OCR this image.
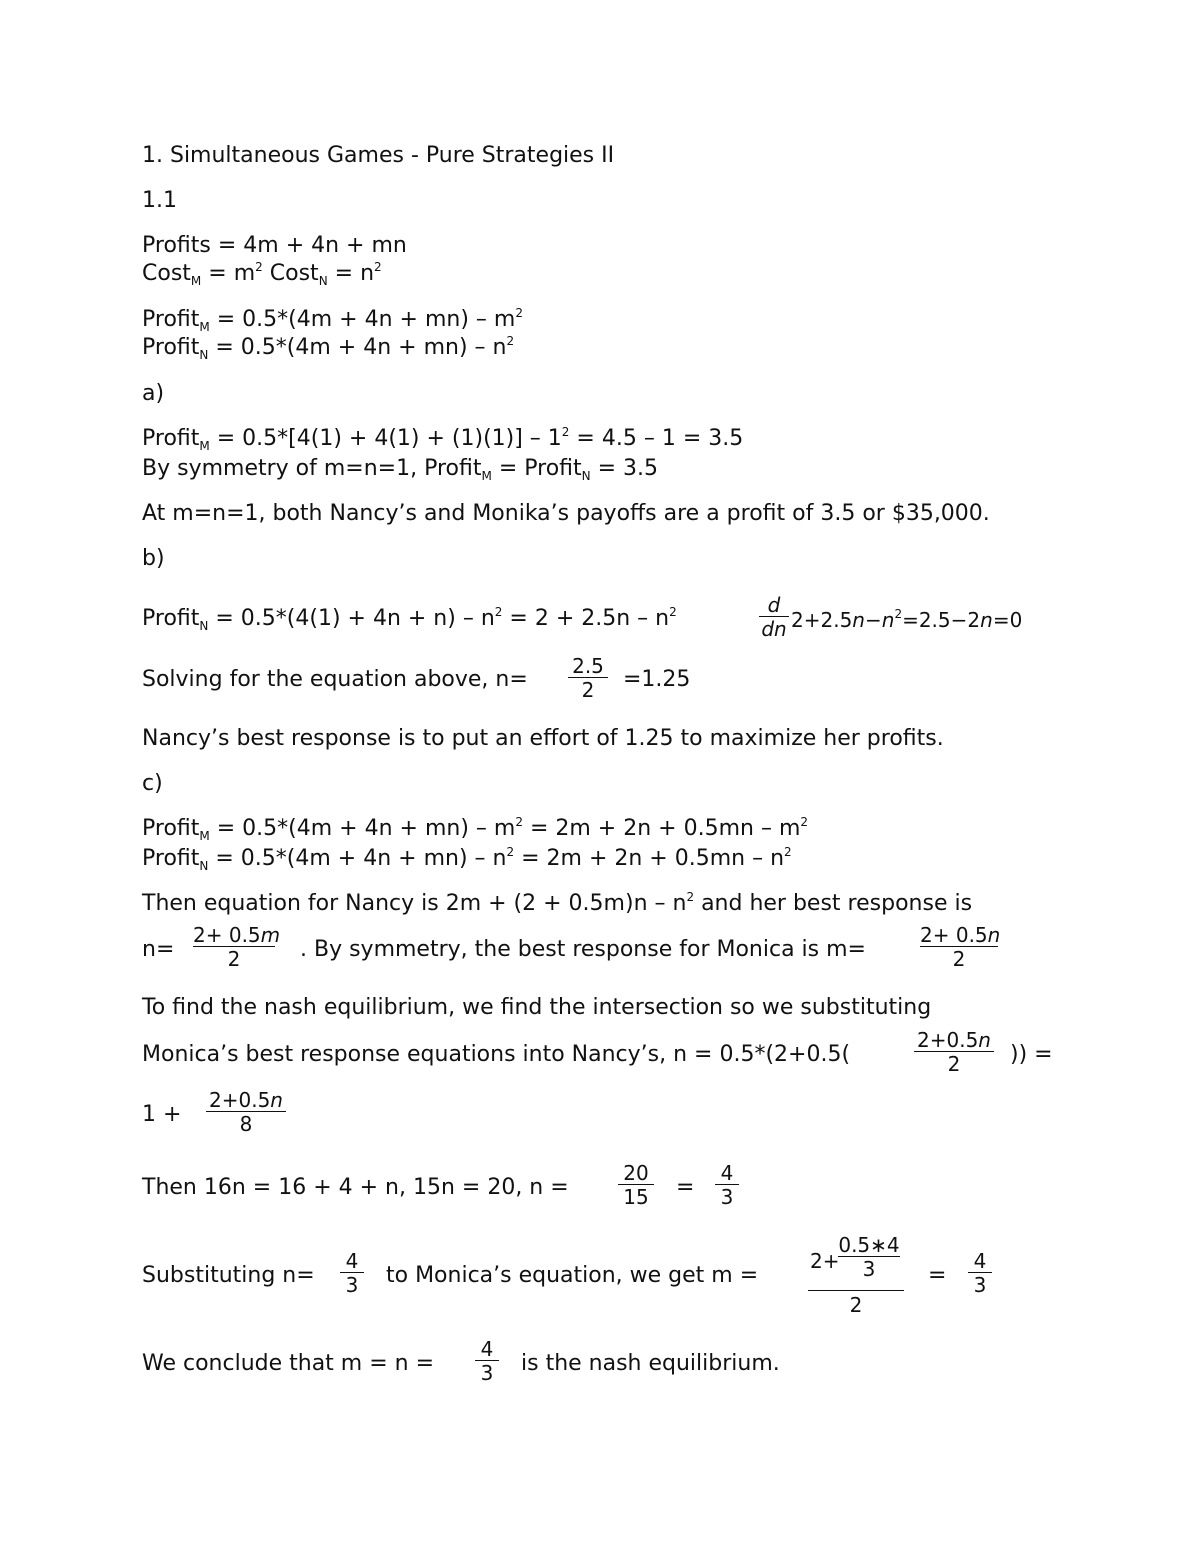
1. Simultaneous Games - Pure Strategies II
1.1
Profits = 4m + 4n + mn
Cost$_M$ = $m^2$ Cost$_N$ = $n^2$
Profit$_M$ = $0.5*(4m + 4n + mn) - m^2$
Profit$_N$ = $0.5*(4m + 4n + mn) - n^2$
a)
Profit$_M$ = $0.5*[4(1) + 4(1) + (1)(1)] - 1^2 = 4.5 - 1 = 3.5$
By symmetry of m=n=1, Profit$_M$ = Profit$_N$ = 3.5
At m=n=1, both Nancy’s and Monika’s payoffs are a profit of 3.5 or $35,000.
b)
Profit$_N$ = $0.5*(4(1) + 4n + n) - n^2 = 2 + 2.5n - n^2$	d
dn $2+2.5n-n^2=2.5-2n=0$
Solving for the equation above, n=
2.5
2	=1.25
Nancy’s best response is to put an effort of 1.25 to maximize her profits.
c)
Profit$_M$ = $0.5*(4m + 4n + mn) - m^2 = 2m + 2n + 0.5mn - m^2$
Profit$_N$ = $0.5*(4m + 4n + mn) - n^2 = 2m + 2n + 0.5mn - n^2$
Then equation for Nancy is $2m + (2 + 0.5m)n - n^2$ and her best response is
n=
2+ 0.5m
2	. By symmetry, the best response for Monica is m=
2+ 0.5n
2
To find the nash equilibrium, we find the intersection so we substituting
Monica’s best response equations into Nancy’s, n = 0.5*(2+0.5(
2+0.5n
2	)) =
1 +
2+0.5n
8
Then 16n = 16 + 4 + n, 15n = 20, n =
20
15 =
4
3
Substituting n=
4
3 to Monica’s equation, we get m =
2+
0.5∗4
3
2
=
4
3
We conclude that m = n =
4
3 is the nash equilibrium.
